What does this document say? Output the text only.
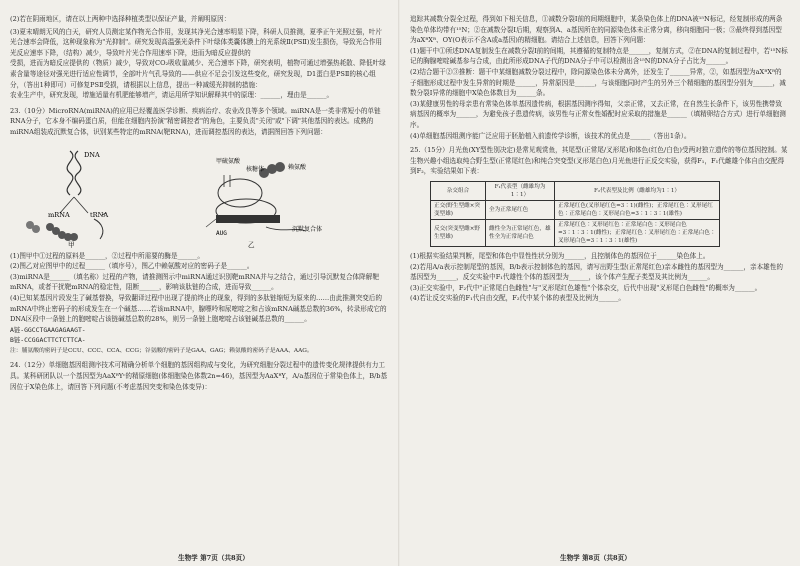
(2)若在阴雨地区，请在以上两种中选择种植类型以保证产量，并阐明原因：

(3)夏末晴朗无风的白天，研究人员测定某作物光合作用，发现其净光合速率明显下降，科研人员推测，夏季正午光照过强，叶片光合速率会降低，这种现象称为"光抑制"。研究发现高温强光条件下叶绿体类囊体膜上的光系统Ⅱ(PSⅡ)发生损伤，导致光合作用光反应速率下降，（结构）减少，导致叶片光合作用速率下降，进而为暗反应提供的

受损，进而为暗反应提供的（物质）减少，导致对CO₂吸收量减少、光合速率下降，研究表明，植物可通过增强热耗散、降低叶绿素含量等途径对强光进行适应性调节，全部叶片气孔导致的——供应不足会引发这些变化，研究发现，D1蛋白是PSⅡ的核心组分，（答出1种即可）可修复PSⅡ受损，请根据以上信息，提出一种减缓光抑制的措施：

农业生产中，研究发现，增施适量有机肥能够增产，请运用所学知识解释其中的原理：______，理由是______。

23.（10分）MicroRNA(miRNA)的应用已经覆盖医学诊断、疾病治疗、农业改良等多个领域。miRNA是一类非常短小的单链RNA分子，它本身不编码蛋白质，但能在细胞内扮演"精密调控者"的角色，主要负责"关闭"或"下调"其他基因的表达。成熟的miRNA组装成沉默复合体，识别某些特定的mRNA(靶RNA)，进而调控基因的表达，请据图回答下列问题：

DNA
mRNA	tRNA
甲
甲硫氨酸
核糖体
沉默复合体
赖氨酸
AUG
乙

(1)图甲中①过程的原料是______，②过程中所需要的酶是______。

(2)图乙对应图甲中的过程______（填序号），图乙中赖氨酸对应的密码子是______。

(3)miRNA是______（填名称）过程的产物，请推测图示中miRNA通过识别靶mRNA并与之结合，通过引导沉默复合体降解靶mRNA，或者干扰靶mRNA的稳定性，阻断______，影响该肽链的合成，进而导致______。

(4)已知某基因片段发生了碱基替换，导致翻译过程中出现了提前终止的现象，得到的多肽链缩短为原来的……由此推测突变后的mRNA中终止密码子的形成发生在一个碱基……若该mRNA中，腺嘌呤和尿嘧啶之和占该mRNA碱基总数的36%，转录形成它的DNA区段中一条链上的胞嘧啶占该链碱基总数的28%，则另一条链上胞嘧啶占该链碱基总数的______。

A链-GGCCTGAAGAGAAGT-

B链-CCGGACTTCTCTTCA-

注：脯氨酸的密码子是CCU、CCC、CCA、CCG；谷氨酸的密码子是GAA、GAG；赖氨酸的密码子是AAA、AAG。

24.（12分）单细胞基因组测序技术可精确分析单个细胞的基因组构成与变化，为研究细胞分裂过程中的遗传变化规律提供有力工具。某科研团队以一个基因型为AaXᴮYᶜ的精原细胞(体细胞染色体数2n=46)，基因型为AaXᴮY，A/a基因位于常染色体上，B/b基因位于X染色体上，请回答下列问题(不考虑基因突变和染色体变异)：

生物学 第7页（共8页）

追踪其减数分裂全过程，得到如下相关信息，①减数分裂Ⅰ前的间期细胞中，某条染色体上的DNA被¹⁵N标记，经复制形成的两条染色单体均带有¹⁵N；②在减数分裂Ⅰ后期，观察到A、a基因所在的同源染色体未正常分离，移向细胞同一极；③最终得到基因型为aXᴮXᴮ、OY(O表示不含A或a基因)的精细胞。请结合上述信息，回答下列问题：

(1)题干中①所述DNA复制发生在减数分裂Ⅰ前的间期，其遵循的复制特点是______，复制方式，②在DNA的复制过程中，若¹⁵N标记的胸腺嘧啶碱基参与合成，由此所形成DNA子代的DNA分子中可以检测出含¹⁵N的DNA分子占比为______。

(2)结合题干②③推断：题干中某细胞减数分裂过程中，除同源染色体未分离外，还发生了______异常，②，如基因型为aXᴮXᴮ的子细胞形成过程中发生异常的时期是______，异常原因是______，与该细胞同时产生的另外三个精细胞的基因型分别为______，减数分裂Ⅰ异常的细胞中X染色体数目为______条。

(3)某健康男性的母亲患有常染色体单基因遗传病，根据基因测序得知，父亲正常，又去正常，在自然生长条件下，该男性携带致病基因的概率为______，为避免孩子患遗传病，该男性与正常女性婚配时应采取的措施是______（填精卵结合方式）进行单细胞测序。

(4)单细胞基因组测序能广泛应用于胚胎植入前遗传学诊断，该技术的优点是______（答出1条）。

25.（15分）月光鱼(XY型性别决定)是常见观赏鱼，其尾型(正常尾/叉形尾)和体色(红色/白色)受两对独立遗传的等位基因控制。某生物兴趣小组选取纯合野生型(正常尾红色)和纯合突变型(叉形尾白色)月光鱼进行正反交实验，获得F₁，F₁代雌雄个体自由交配得到F₂，实验结果如下表：

杂交组合	F₁代表型（雌雄均为1∶1）	F₂代表型及比例（雌雄均为1∶1）
正交(野生型雌×突变型雄)	全为正常尾红色	正常尾红色(叉形尾红色=3∶1)(雌性)；正常尾红色∶叉形尾红色∶正常尾白色∶叉形尾白色=3∶1∶3∶1(雄性)
反交(突变型雌×野生型雄)	雌性全为正常尾红色，雄性全为正常尾白色	正常尾红色∶叉形尾红色∶正常尾白色∶叉形尾白色=3∶1∶3∶1(雌性)；正常尾红色∶叉形尾红色∶正常尾白色∶叉形尾白色=3∶1∶3∶1(雄性)

(1)根据实验结果判断，尾型和体色中显性性状分别为______，且控制体色的基因位于______染色体上。

(2)若用A/a表示控制尾型的基因，B/b表示控制体色的基因，请写出野生型(正常尾红色)亲本雌性的基因型为______，亲本雄性的基因型为______，反交实验中F₁代雄性个体的基因型为______，该个体产生配子类型及其比例为______。

(3)正交实验中，F₂代中"正常尾白色雌性"与"叉形尾红色雄性"个体杂交，后代中出现"叉形尾白色雌性"的概率为______。

(4)若让反交实验的F₁代自由交配，F₂代中某个体的表型及比例为______。

生物学 第8页（共8页）
